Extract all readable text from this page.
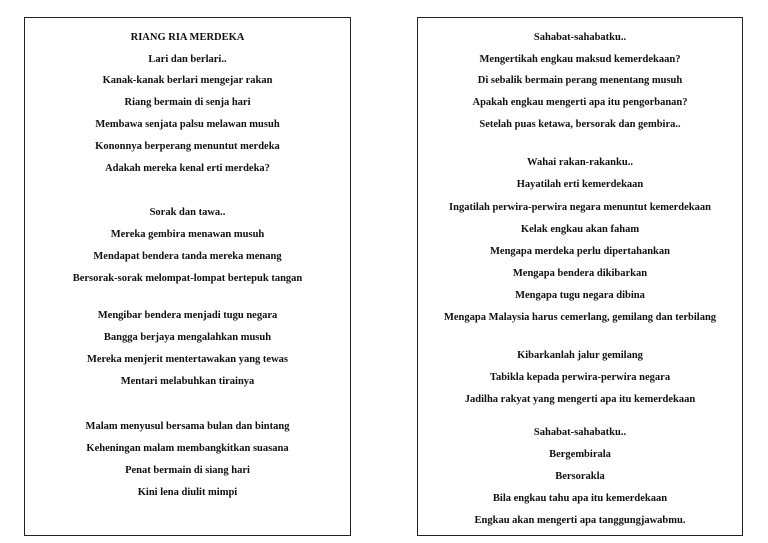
RIANG RIA MERDEKA
Lari dan berlari..
Kanak-kanak berlari mengejar rakan
Riang bermain di senja hari
Membawa senjata palsu melawan musuh
Kononnya berperang menuntut merdeka
Adakah mereka kenal erti merdeka?
Sorak dan tawa..
Mereka gembira menawan musuh
Mendapat bendera tanda mereka menang
Bersorak-sorak melompat-lompat bertepuk tangan
Mengibar bendera menjadi tugu negara
Bangga berjaya mengalahkan musuh
Mereka menjerit mentertawakan yang tewas
Mentari melabuhkan tirainya
Malam menyusul bersama bulan dan bintang
Keheningan malam membangkitkan suasana
Penat bermain di siang hari
Kini lena diulit mimpi
Sahabat-sahabatku..
Mengertikah engkau maksud kemerdekaan?
Di sebalik bermain perang menentang musuh
Apakah engkau mengerti apa itu pengorbanan?
Setelah puas ketawa, bersorak dan gembira..
Wahai rakan-rakanku..
Hayatilah erti kemerdekaan
Ingatilah perwira-perwira negara menuntut kemerdekaan
Kelak engkau akan faham
Mengapa merdeka perlu dipertahankan
Mengapa bendera dikibarkan
Mengapa tugu negara dibina
Mengapa Malaysia harus cemerlang, gemilang dan terbilang
Kibarkanlah jalur gemilang
Tabikla kepada perwira-perwira negara
Jadilha rakyat yang mengerti apa itu kemerdekaan
Sahabat-sahabatku..
Bergembirala
Bersorakla
Bila engkau tahu apa itu kemerdekaan
Engkau akan mengerti apa tanggungjawabmu.
